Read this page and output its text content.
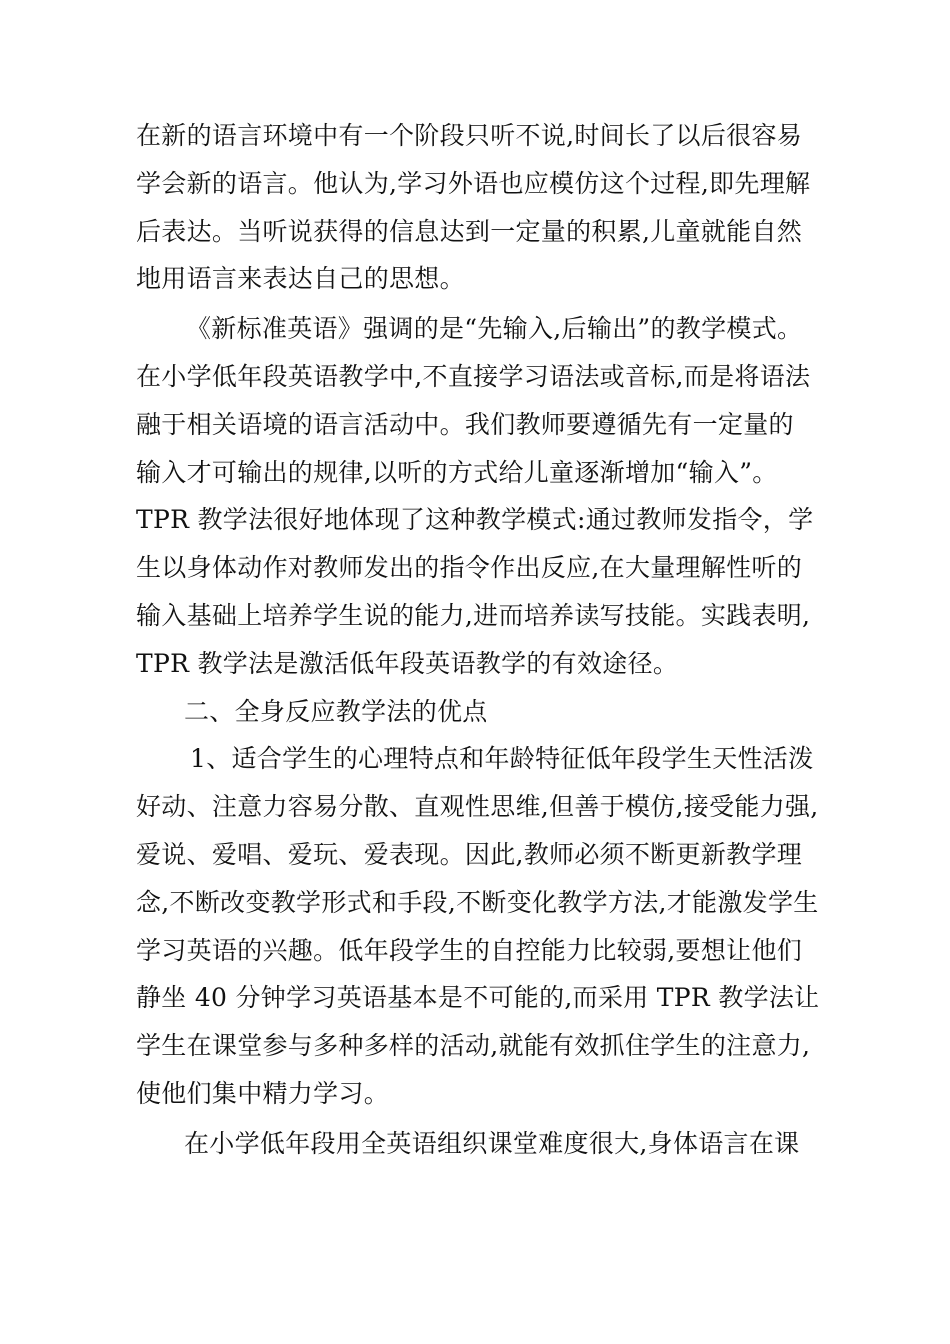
在新的语言环境中有一个阶段只听不说,时间长了以后很容易
学会新的语言。他认为,学习外语也应模仿这个过程,即先理解
后表达。当听说获得的信息达到一定量的积累,儿童就能自然
地用语言来表达自己的思想。
《新标准英语》强调的是“先输入,后输出”的教学模式。
在小学低年段英语教学中,不直接学习语法或音标,而是将语法
融于相关语境的语言活动中。我们教师要遵循先有一定量的
输入才可输出的规律,以听的方式给儿童逐渐增加“输入”。
TPR 教学法很好地体现了这种教学模式:通过教师发指令，学
生以身体动作对教师发出的指令作出反应,在大量理解性听的
输入基础上培养学生说的能力,进而培养读写技能。实践表明,
TPR 教学法是激活低年段英语教学的有效途径。
二、全身反应教学法的优点
1、适合学生的心理特点和年龄特征低年段学生天性活泼
好动、注意力容易分散、直观性思维,但善于模仿,接受能力强,
爱说、爱唱、爱玩、爱表现。因此,教师必须不断更新教学理
念,不断改变教学形式和手段,不断变化教学方法,才能激发学生
学习英语的兴趣。低年段学生的自控能力比较弱,要想让他们
静坐 40 分钟学习英语基本是不可能的,而采用 TPR 教学法让
学生在课堂参与多种多样的活动,就能有效抓住学生的注意力,
使他们集中精力学习。
在小学低年段用全英语组织课堂难度很大,身体语言在课
